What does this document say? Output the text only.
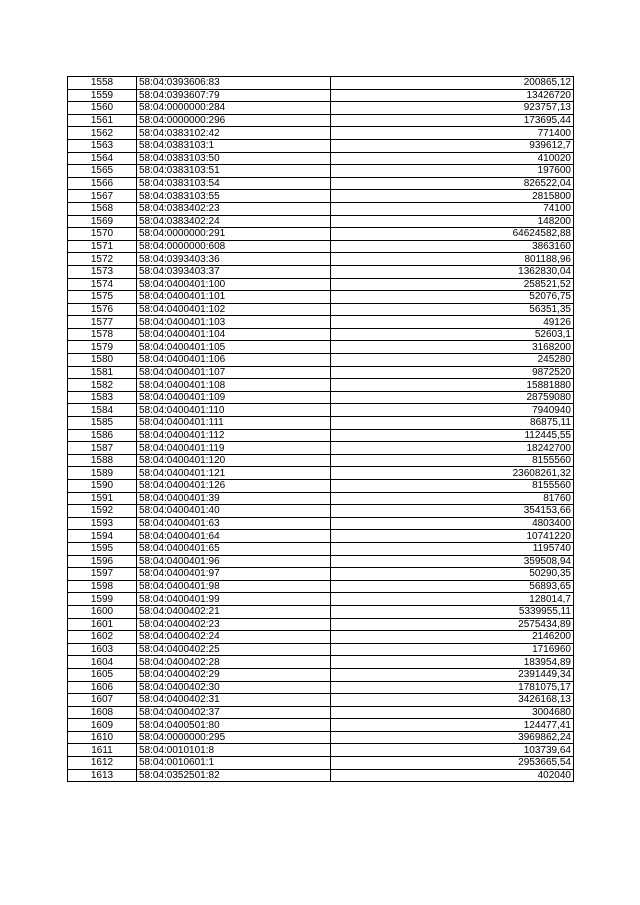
1558	58:04:0393606:83	200865,12
1559	58:04:0393607:79	13426720
1560	58:04:0000000:284	923757,13
1561	58:04:0000000:296	173695,44
1562	58:04:0383102:42	771400
1563	58:04:0383103:1	939612,7
1564	58:04:0383103:50	410020
1565	58:04:0383103:51	197600
1566	58:04:0383103:54	826522,04
1567	58:04:0383103:55	2815800
1568	58:04:0383402:23	74100
1569	58:04:0383402:24	148200
1570	58:04:0000000:291	64624582,88
1571	58:04:0000000:608	3863160
1572	58:04:0393403:36	801188,96
1573	58:04:0393403:37	1362830,04
1574	58:04:0400401:100	258521,52
1575	58:04:0400401:101	52076,75
1576	58:04:0400401:102	56351,35
1577	58:04:0400401:103	49126
1578	58:04:0400401:104	52603,1
1579	58:04:0400401:105	3168200
1580	58:04:0400401:106	245280
1581	58:04:0400401:107	9872520
1582	58:04:0400401:108	15881880
1583	58:04:0400401:109	28759080
1584	58:04:0400401:110	7940940
1585	58:04:0400401:111	86875,11
1586	58:04:0400401:112	112445,55
1587	58:04:0400401:119	18242700
1588	58:04:0400401:120	8155560
1589	58:04:0400401:121	23608261,32
1590	58:04:0400401:126	8155560
1591	58:04:0400401:39	81760
1592	58:04:0400401:40	354153,66
1593	58:04:0400401:63	4803400
1594	58:04:0400401:64	10741220
1595	58:04:0400401:65	1195740
1596	58:04:0400401:96	359508,94
1597	58:04:0400401:97	50290,35
1598	58:04:0400401:98	56893,65
1599	58:04:0400401:99	128014,7
1600	58:04:0400402:21	5339955,11
1601	58:04:0400402:23	2575434,89
1602	58:04:0400402:24	2146200
1603	58:04:0400402:25	1716960
1604	58:04:0400402:28	183954,89
1605	58:04:0400402:29	2391449,34
1606	58:04:0400402:30	1781075,17
1607	58:04:0400402:31	3426168,13
1608	58:04:0400402:37	3004680
1609	58:04:0400501:80	124477,41
1610	58:04:0000000:295	3969862,24
1611	58:04:0010101:8	103739,64
1612	58:04:0010601:1	2953665,54
1613	58:04:0352501:82	402040
